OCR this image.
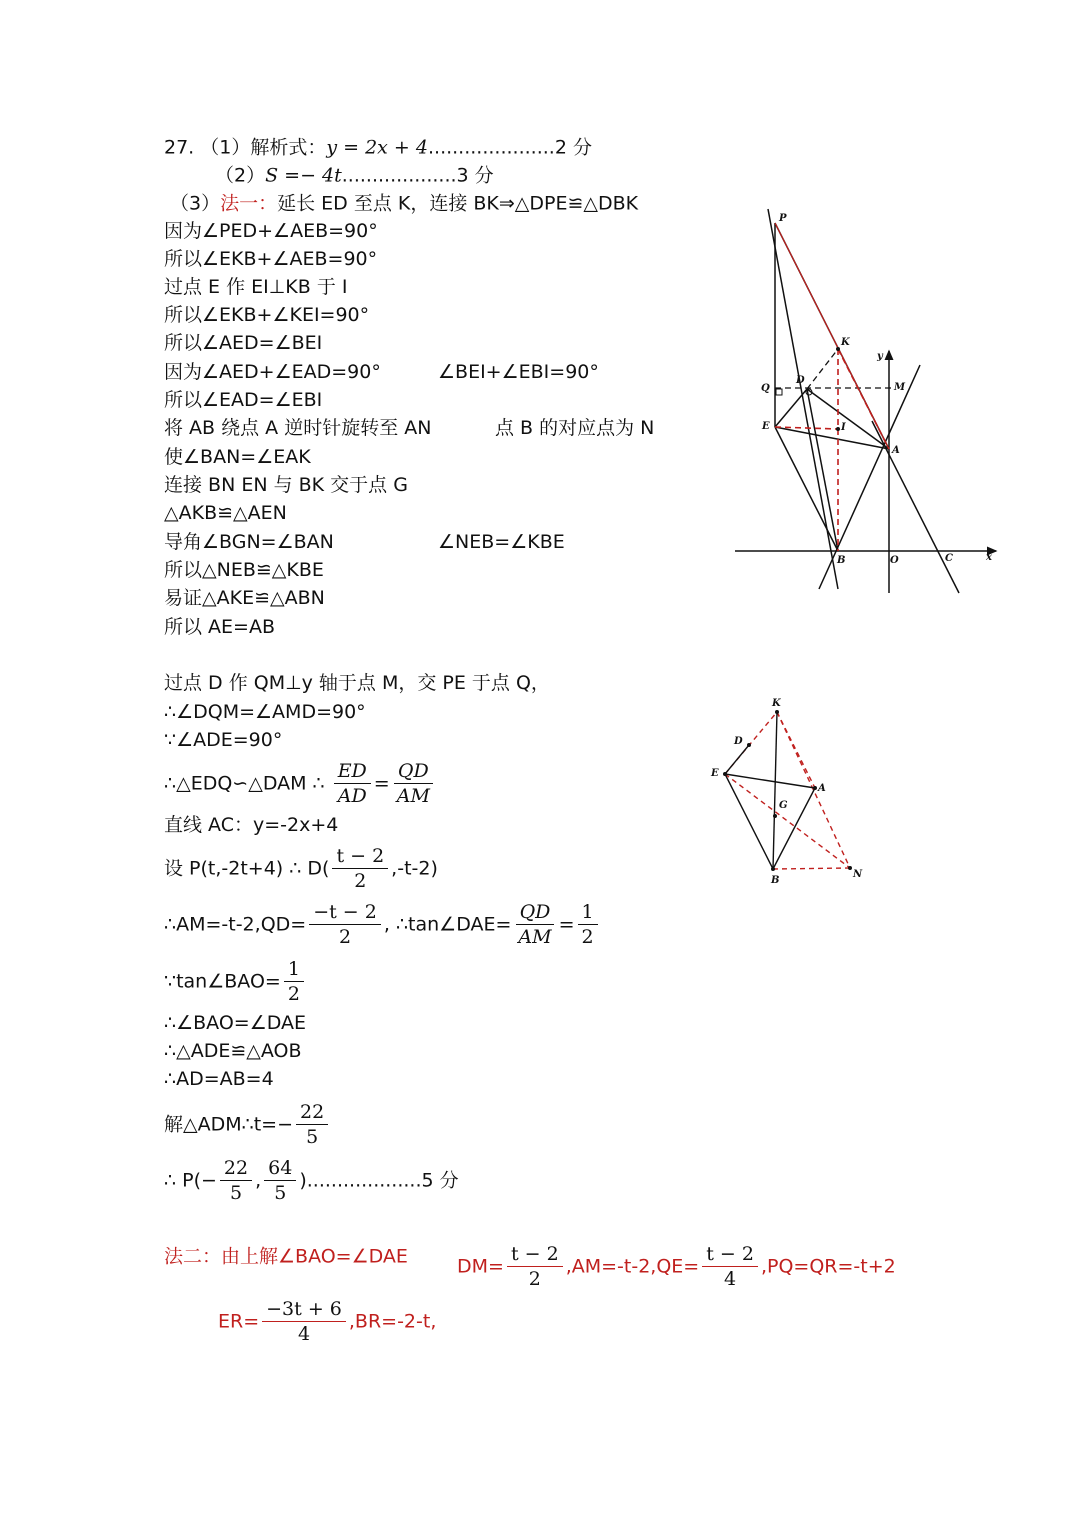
27. （1）解析式：y = 2x + 4.....................2 分
（2）S =− 4t...................3 分
（3）法一：延长 ED 至点 K，连接 BK⇒△DPE≌△DBK
因为∠PED+∠AEB=90°
所以∠EKB+∠AEB=90°
过点 E 作 EI⊥KB 于 I
所以∠EKB+∠KEI=90°
所以∠AED=∠BEI
因为∠AED+∠EAD=90°	∠BEI+∠EBI=90°
所以∠EAD=∠EBI
将 AB 绕点 A 逆时针旋转至 AN	点 B 的对应点为 N
使∠BAN=∠EAK
连接 BN EN 与 BK 交于点 G
△AKB≌△AEN
导角∠BGN=∠BAN	∠NEB=∠KBE
所以△NEB≌△KBE
易证△AKE≌△ABN
所以 AE=AB
过点 D 作 QM⊥y 轴于点 M，交 PE 于点 Q，
∴∠DQM=∠AMD=90°
∵∠ADE=90°
∴△EDQ∽△DAM ∴ $\frac{ED}{AD} = \frac{QD}{AM}$
直线 AC：y=-2x+4
设 P(t,-2t+4) ∴ $D( \frac{t - 2}{2} ,-t-2)$
∴AM=-t-2,QD= $\frac{-t - 2}{2}$ , ∴tan∠DAE= $\frac{QD}{AM} = \frac{1}{2}$
∵tan∠BAO= $\frac{1}{2}$
∴∠BAO=∠DAE
∴△ADE≌△AOB
∴AD=AB=4
解△ADM∴t=− $\frac{22}{5}$
∴ $P(- \frac{22}{5}$ , $\frac{64}{5} )...................5$ 分
法二：由上解∠BAO=∠DAE	$DM= \frac{t - 2}{2} ,AM=-t-2,QE= \frac{t - 2}{4} ,PQ=QR=-t+2$
$ER= \frac{-3t + 6}{4} ,BR=-2-t$,
P
K
y
Q
D
M
E	I
A
B	O	C	x
K
D
E
G
A
B
N
